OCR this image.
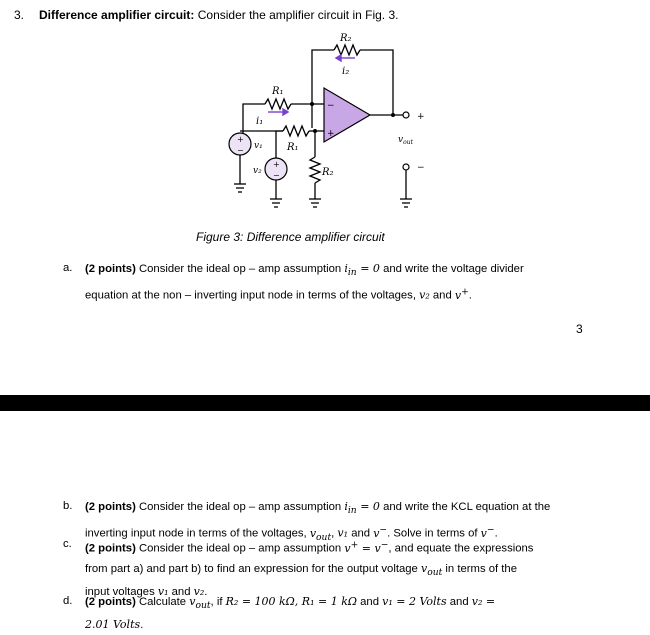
3. Difference amplifier circuit: Consider the amplifier circuit in Fig. 3.
−
+
+
−
+
+
−
−
R₂
i₂
R₁
i₁
R₁
R₂
v₁
v₂
$v_{out}$
Figure 3: Difference amplifier circuit
a.	(2 points) Consider the ideal op – amp assumption $i_{in} = 0$ and write the voltage divider
equation at the non – inverting input node in terms of the voltages, v₂ and v+.
3
b.	(2 points) Consider the ideal op – amp assumption $i_{in} = 0$ and write the KCL equation at the
inverting input node in terms of the voltages, $v_{out}$, v₁ and v−. Solve in terms of v−.
c.	(2 points) Consider the ideal op – amp assumption v+ = v−, and equate the expressions
from part a) and part b) to find an expression for the output voltage $v_{out}$ in terms of the
input voltages v₁ and v₂.
d.	(2 points) Calculate $v_{out}$, if R₂ = 100 kΩ, R₁ = 1 kΩ and v₁ = 2 Volts and v₂ =
2.01 Volts.
